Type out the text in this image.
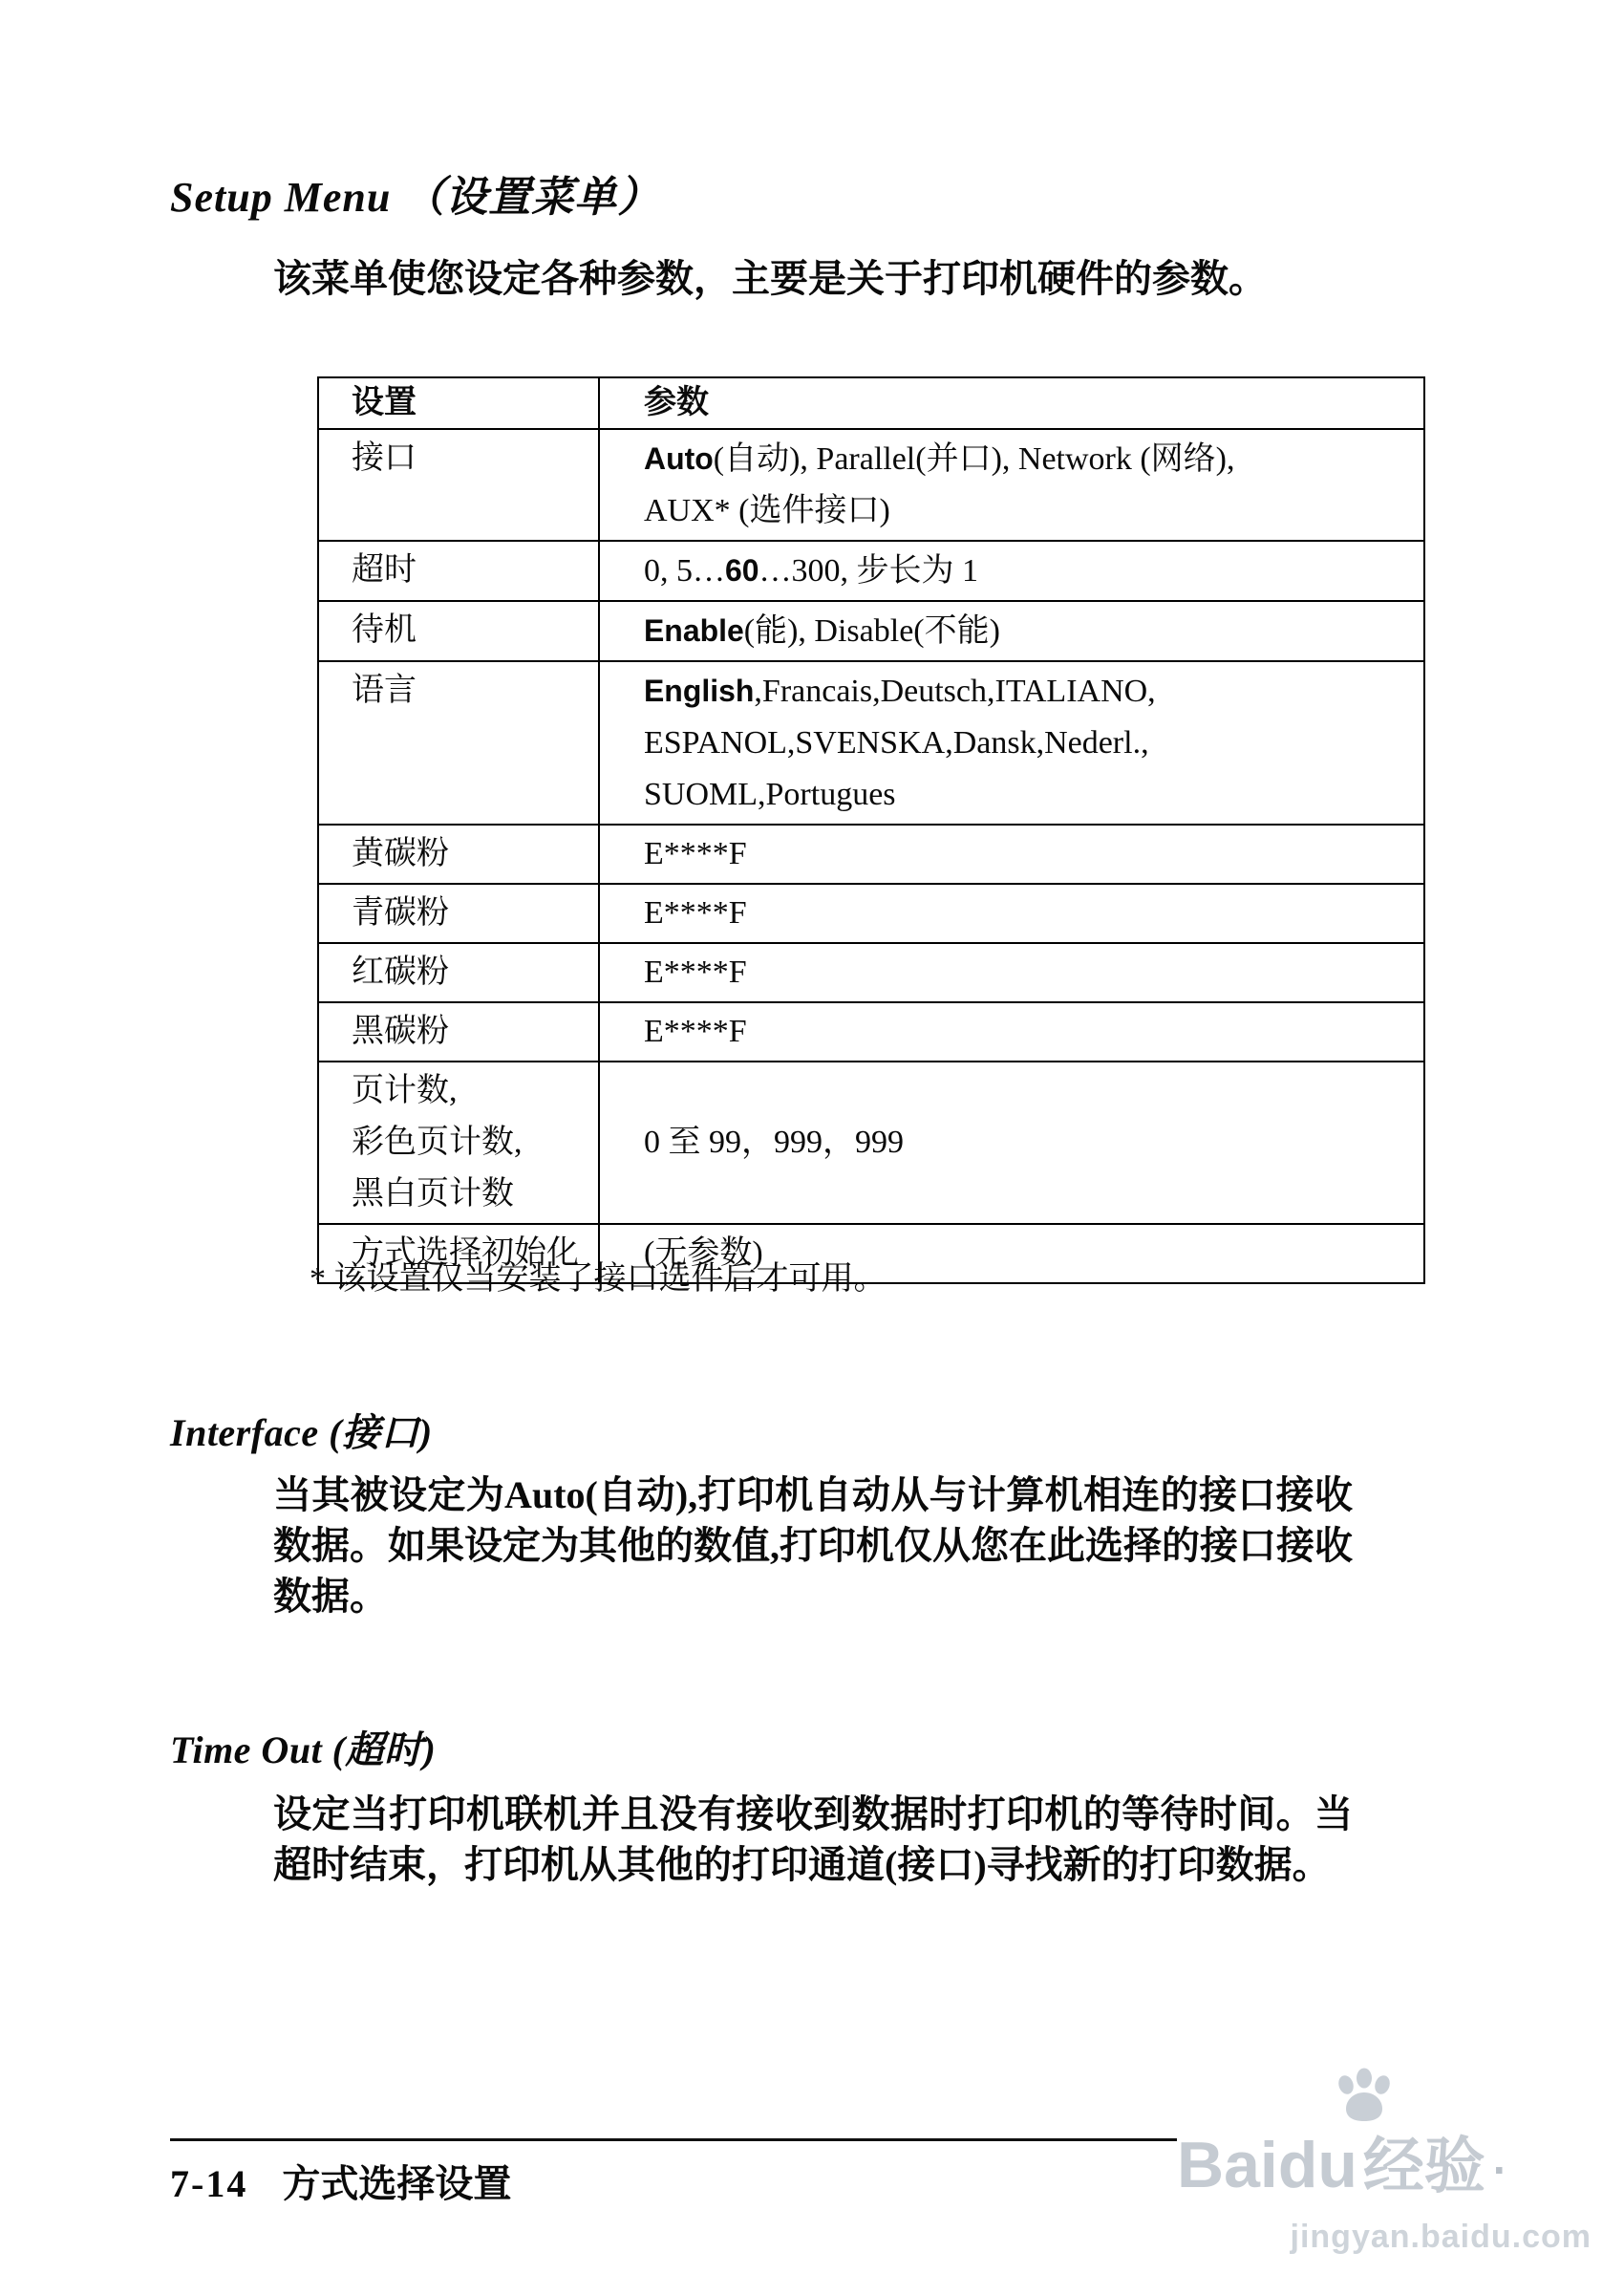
Setup Menu （设置菜单）

该菜单使您设定各种参数，主要是关于打印机硬件的参数。

设置	参数

接口	Auto(自动), Parallel(并口), Network (网络),
AUX* (选件接口)

超时	0, 5…60…300, 步长为 1

待机	Enable(能), Disable(不能)

语言	English,Francais,Deutsch,ITALIANO,
ESPANOL,SVENSKA,Dansk,Nederl.,
SUOML,Portugues

黄碳粉	E****F

青碳粉	E****F

红碳粉	E****F

黑碳粉	E****F

页计数,
彩色页计数,
黑白页计数	0 至 99，999，999

方式选择初始化	(无参数)

* 该设置仅当安装了接口选件后才可用。

Interface (接口)

当其被设定为Auto(自动),打印机自动从与计算机相连的接口接收数据。如果设定为其他的数值,打印机仅从您在此选择的接口接收数据。

Time Out (超时)

设定当打印机联机并且没有接收到数据时打印机的等待时间。当超时结束，打印机从其他的打印通道(接口)寻找新的打印数据。

7-14 方式选择设置	Baidu经验 ·
jingyan.baidu.com
